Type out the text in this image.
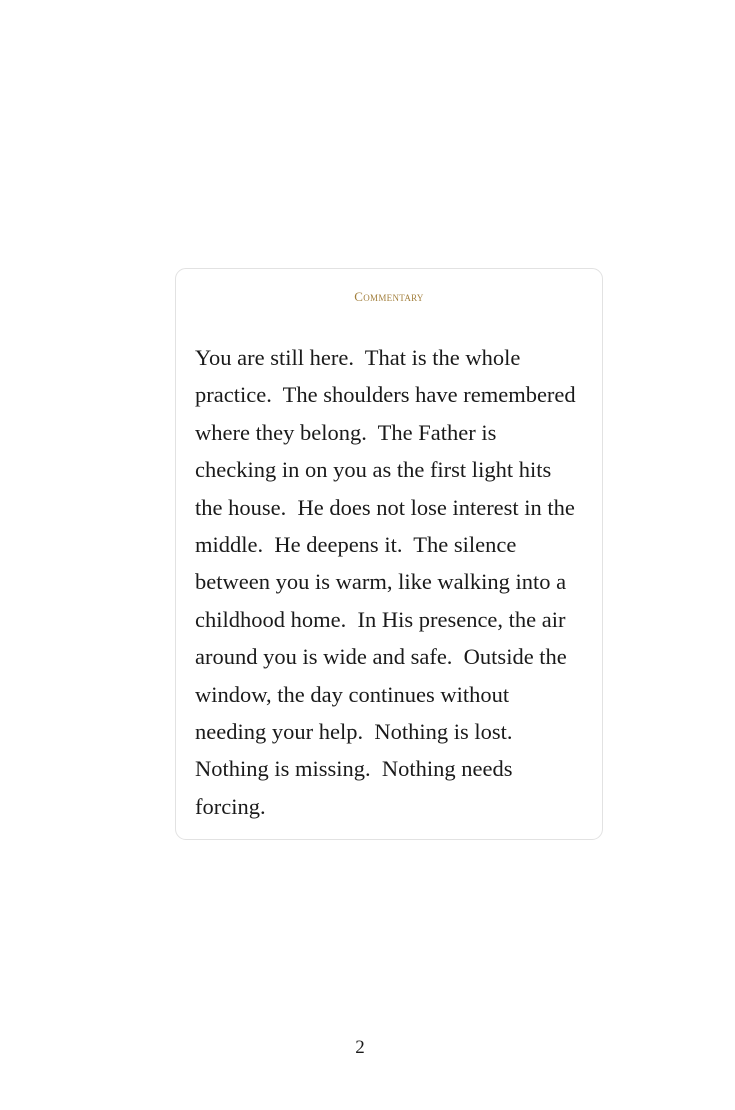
Commentary

You are still here.  That is the whole practice.  The shoulders have remembered where they belong.  The Father is checking in on you as the first light hits the house.  He does not lose interest in the middle.  He deepens it.  The silence between you is warm, like walking into a childhood home.  In His presence, the air around you is wide and safe.  Outside the window, the day continues without needing your help.  Nothing is lost.  Nothing is missing.  Nothing needs forcing.

2
